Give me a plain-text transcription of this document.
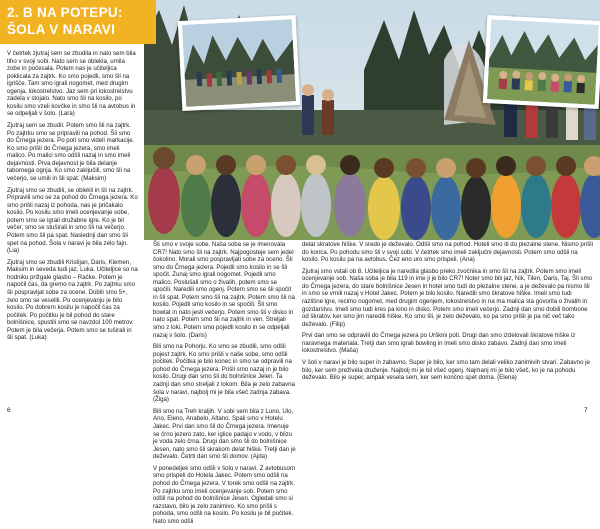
2. B NA POTEPU:
ŠOLA V NARAVI

V četrtek zjutraj sem se zbudila in nato sem bila tiho v svoji sobi. Nato sem se oblekla, umila zobe in počesala. Potem nas je učiteljica poklicala za zajtrk. Ko smo pojedli, smo šli na igrišče. Tam smo igrali nogomet, med drugim ogenja, lokostrelstvo. Jaz sem pri lokostrelstvu zadela v stojalo. Nato smo šli na kosilo, po kosilu smo vzeli kovčke in smo šli na avtobus in se odpeljali v šolo. (Lara)

Zjutraj sem se zbudil. Potem smo šli na zajtrk. Po zajtrku smo se pripravili na pohod. Šli smo do Črnega jezera. Po poti smo videli markacije. Ko smo prišli do Črnega jezera, smo imeli malico. Po malici smo odšli nazaj in smo imeli dejavnosti. Prva dejavnost je bila delanje tabornega ognja. Ko smo zaključili, smo šli na večerjo, se umili in šli spat. (Maksim)

Zjutraj smo se zbudili, se oblekli in šli na zajtrk. Pripravili smo se za pohod do Črnega jezera. Ko smo prišli nazaj iz pohoda, nas je pričakalo kosilo. Po kosilu smo imeli ocenjevanje sobe, potem smo se igrali družabne igre. Ko je bil večer, smo se stuširali in smo šli na večerjo. Potem smo šli pa spat. Naslednji dan smo šli spet na pohod. Šola v naravi je bila zelo fajn. (Lia)

Zjutraj smo se zbudili Kristijan, Daris, Klemen, Maksim in seveda tudi jaz, Luka. Učiteljice so na hodniku prižgale glasbo – Račke. Potem je napočil čas, da gremo na zajtrk. Po zajtrku smo šli pospravljat sobe za ocene. Dobili smo 5+, zelo smo se veselili. Po ocenjevanju je bilo kosilo. Po dobrem kosilu je napočil čas za počitek. Po počitku je bil pohod do stare bolnišnice, spustili smo se navzdol 100 metrov. Potem je bila večerja. Potem smo se tuširali in šli spat. (Luka)

Šli smo v svoje sobe. Naša soba se je imenovala CR7! Nato smo šli na zajtrk. Najpogosteje sem jedel čokolino. Morali smo pospravljati sobe za oceno. Šli smo do Črnega jezera. Pojedli smo kosilo in se šli spočit. Zunaj smo igrali nogomet. Pojedli smo malico. Poslušali smo o živalih, potem smo se spočili. Naredili smo ogenj. Potem smo se šli spočit in šli spat. Potem smo šli na zajtrk. Potem smo šli na kosilo. Pojedli smo kosilo in se spočili. Šli smo bowlat in nato jesti večerjo. Potem smo šli v disko in nato spat. Potem smo šli na zajtrk in ven. Streljali smo z loki. Potem smo pojedli kosilo in se odpeljali nazaj v šolo. (Daris)

Bili smo na Pohorju. Ko smo se zbudili, smo odšli pojest zajtrk. Ko smo prišli v naše sobe, smo odšli počitek. Počitka je bilo konec in smo se odpravili na pohod do Črnega jezera. Prišli smo nazaj in je bilo kosilo. Drugi dan smo šli do bolnišnice Jelen. Ta zadnji dan smo streljali z lokom. Bila je zelo zabavna šola v naravi, najbolj mi je bila všeč zadnja zabava. (Žiga)

Bili smo na Treh kraljih. V sobi sem bila z Luno, Ulo, Ano, Eleno, Anabelo, Altano. Spali smo v Hotelu Jakec. Prvi dan smo šli do Črnega jezera. Imenuje se črno jezero zato, ker iglice padajo v vodo, v blizu je voda zelo črna. Drugi dan smo šli do bolnišnice Jesen, nato smo šli skrakom delat hiške. Tretji dan je deževalo. Četrti dan smo šli domov. (Ajda)

V ponedeljek smo odšli v šolo v naravi. Z avtobusom smo prispeli do Hotela Jakec. Potem smo odšli na pohod do Črnega jezera. V torek smo odšli na zajtrk. Po zajtrku smo imeli ocenjevanje sob. Potem smo odšli na pohod do bolnišnice Jesen. Ogledali smo si razstavo, bilo je zelo zanimivo. Ko smo prišli s pohoda, smo odšli na kosilo. Po kosilu je bil počitek. Nato smo odšli

delat skratove hiške. V sredo je deževalo. Odšli smo na pohod. Hoteli smo iti do plezalne stene. Nismo prišli do konca. Po pohodu smo šli v svoji sobi. V četrtek smo imeli zaključni dejavnosti. Potem smo odšli na kosilo. Po kosilu pa na avtobus. Čez eno uro smo prispeli. (Ana)

Zjutraj smo vstali ob 8. Učiteljica je naredila glasbo preko zvočnika in smo šli na zajtrk. Potem smo imeli ocenjevanje sob. Naša soba je bila 119 in ime ji je bilo CR7! Noter smo bili jaz, Nik, Tilen, Daris, Taj. Šli smo do Črnega jezera, do stare bolnišnice Jesen in hotel smo tudi do plezalne stene, a je deževalo pa nismo šli in smo se vrnili nazaj v Hotel Jakec. Potem je bilo kosilo. Naredili smo škratove hiške. Imeli smo tudi razlišne igre, recimo nogomet, med drugim ogenjem, lokostrelstvo in na ma malica sta govorila o živalih in gozdarstvu. Imeli smo tudi kres pa kino in disko. Potem smo imeli večerjo. Zadnji dan smo dobili bombone od škratov, ker smo jim naredili hiške. Ko smo šli, je zelo deževalo, ko pa smo prišli je pa nič več tako deževalo. (Filip)

Prvi dan smo se odpravili do Črnega jezera po Urškini poti. Drugi dan smo izdelovali škratove hiške iz naravnega materiala. Tretji dan smo igrali bowling in imeli smo disko zabavo. Zadnji dan smo imeli lokostrelstvo. (Maša)

V šoli v naravi je bilo super in zabavno. Super je bilo, ker smo tam delali veliko zanimivih stvari. Zabavno je bilo, ker sem preživela druženje. Najbolj mi je bil všeč ogenj. Najmanj mi je bilo všeč, ko je na pohodu deževalo. Bilo je super, ampak vesela sem, ker sem končno spet doma. (Elena)

6	7
